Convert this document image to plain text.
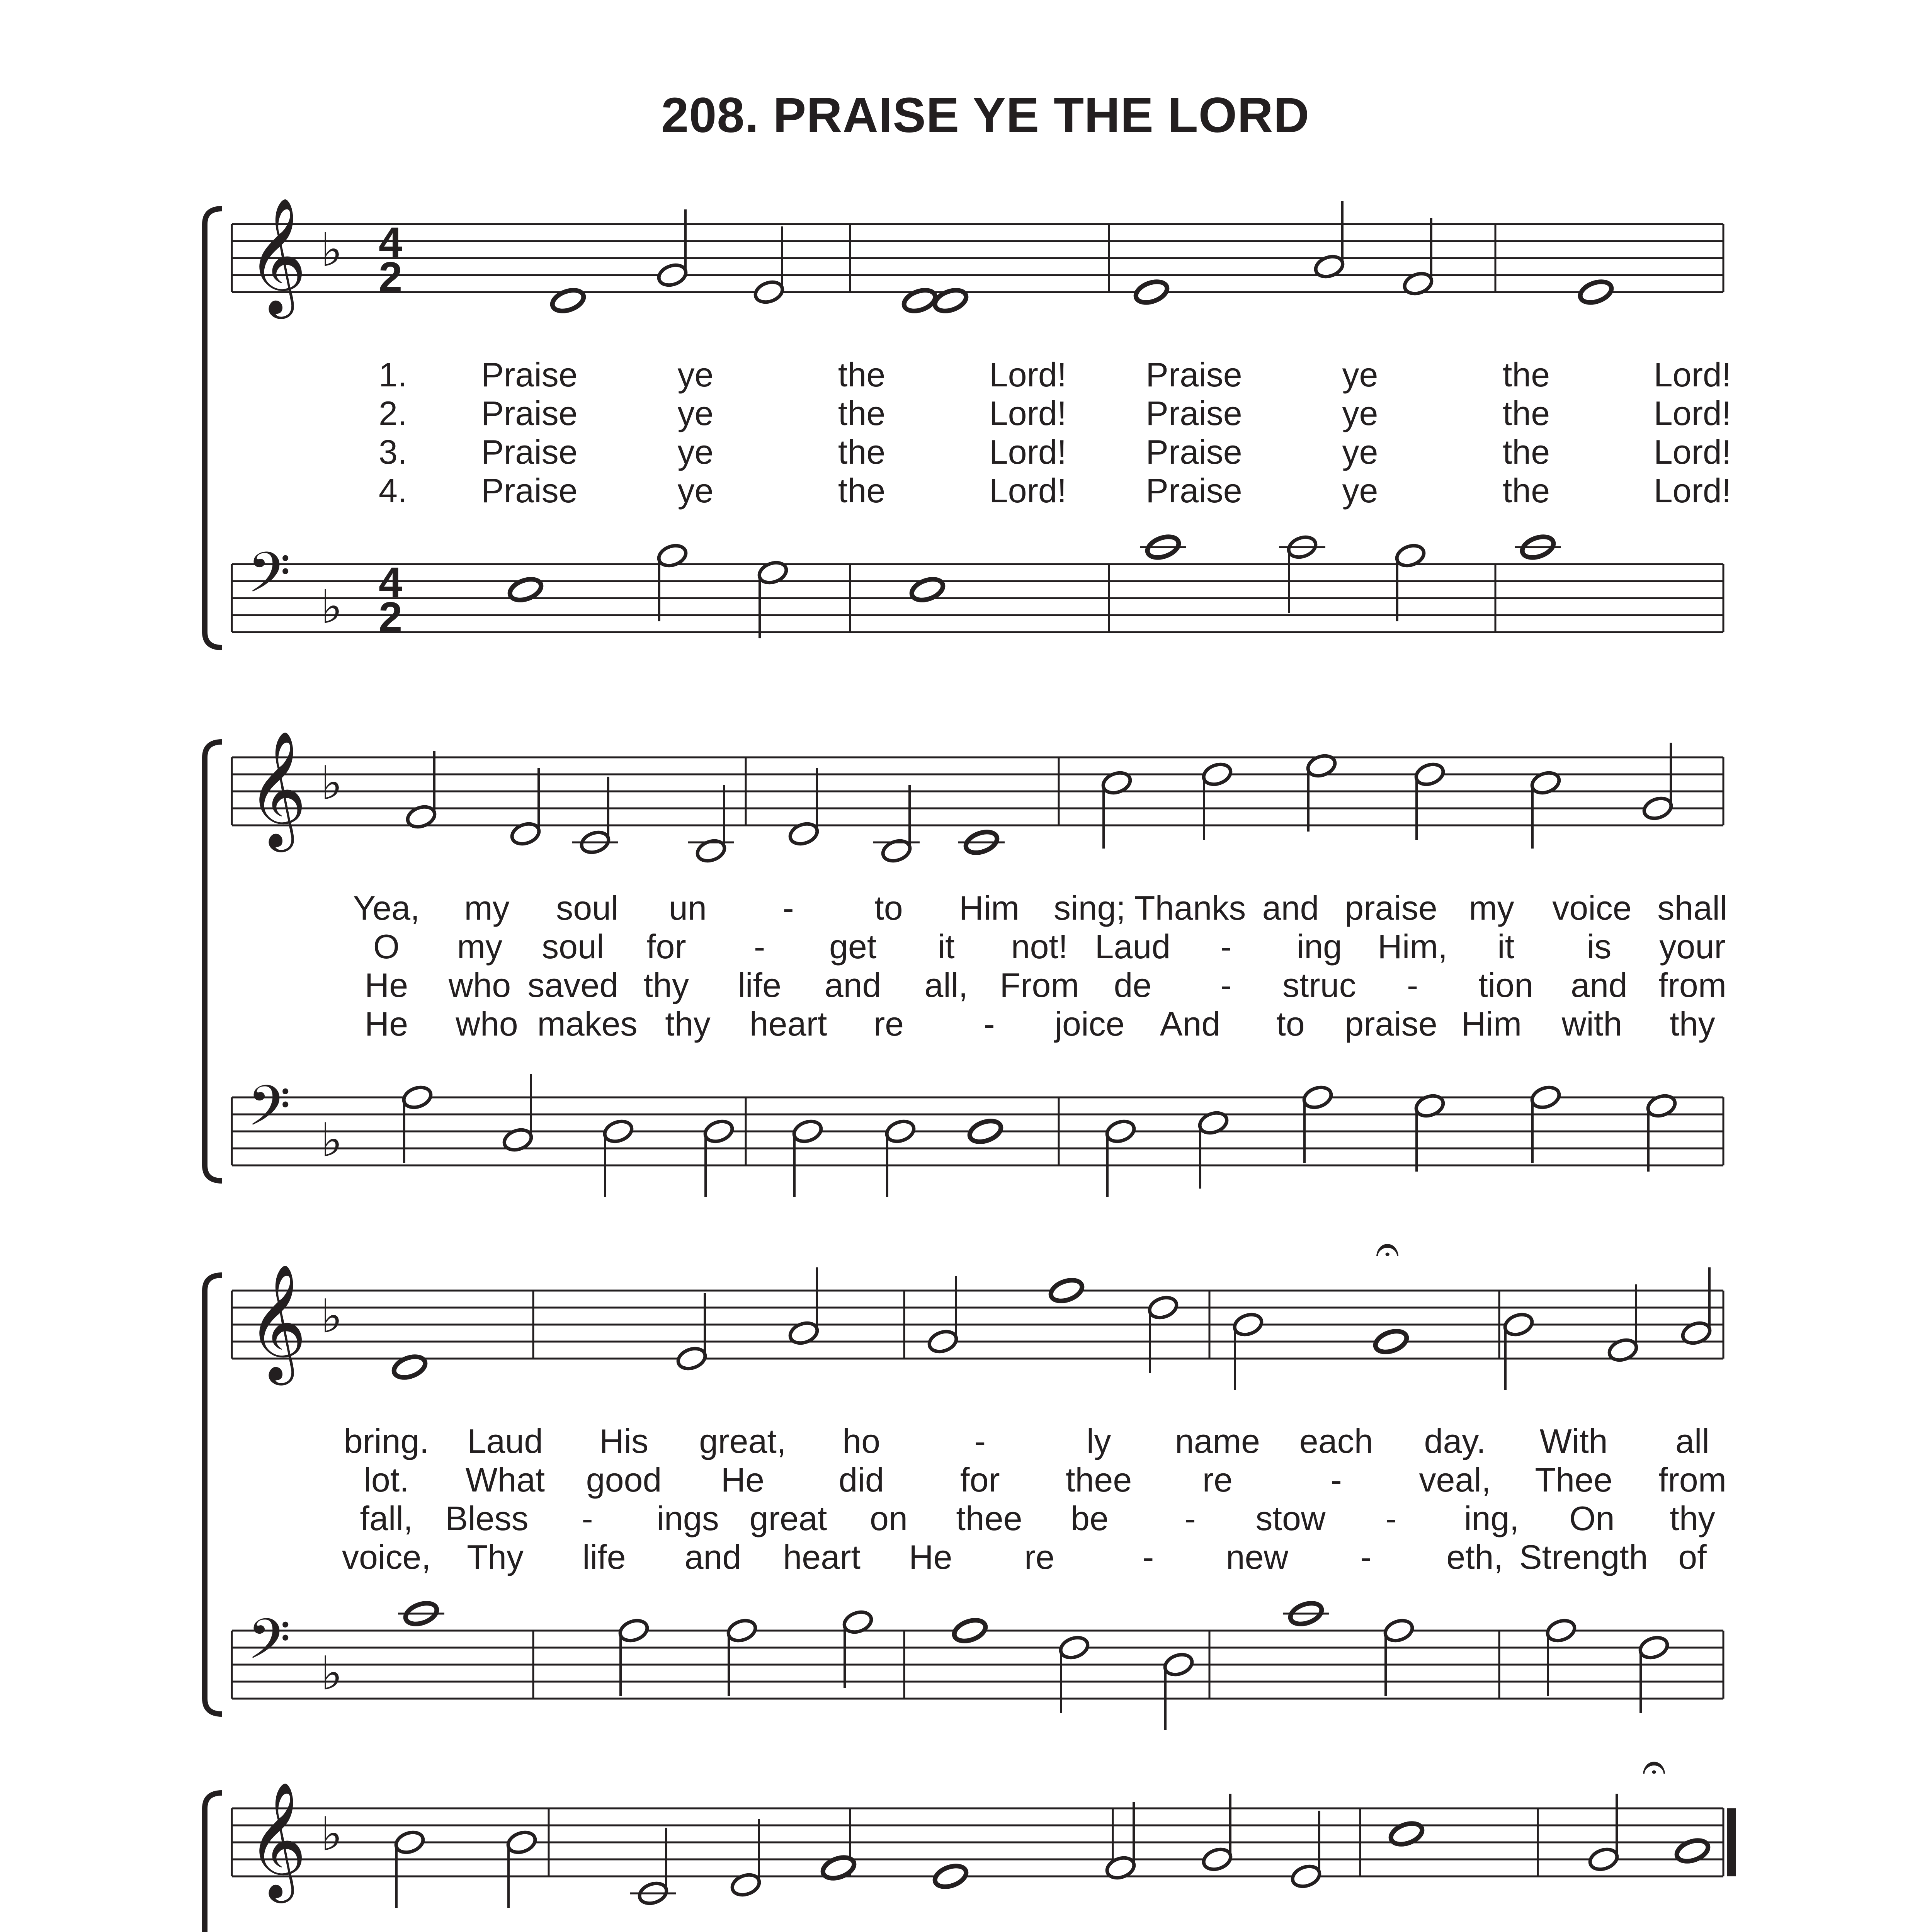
208. PRAISE YE THE LORD
𝄞 ♭ 4
2
𝄢 ♭ 4
2
1. Praise	ye	the	Lord! Praise	ye	the	Lord!
2. Praise	ye	the	Lord! Praise	ye	the	Lord!
3. Praise	ye	the	Lord! Praise	ye	the	Lord!
4. Praise	ye	the	Lord! Praise	ye	the	Lord!
𝄞 ♭
𝄢 ♭
Yea, my soul un - to Him sing; Thanks and praise my voice shall
O my soul for - get it not! Laud - ing Him, it is your
He who saved thy life and all, From de - struc - tion and from
He who makes thy heart re - joice And to praise Him with thy
𝄞 ♭
𝄢 ♭
𝄐
bring. Laud His great, ho	-	ly name each day. With all
lot. What good He did for thee re	- veal, Thee from
fall, Bless - ings great on thee be - stow - ing, On thy
voice, Thy life and heart He re	- new - eth, Strength of
𝄞 ♭
𝄐
